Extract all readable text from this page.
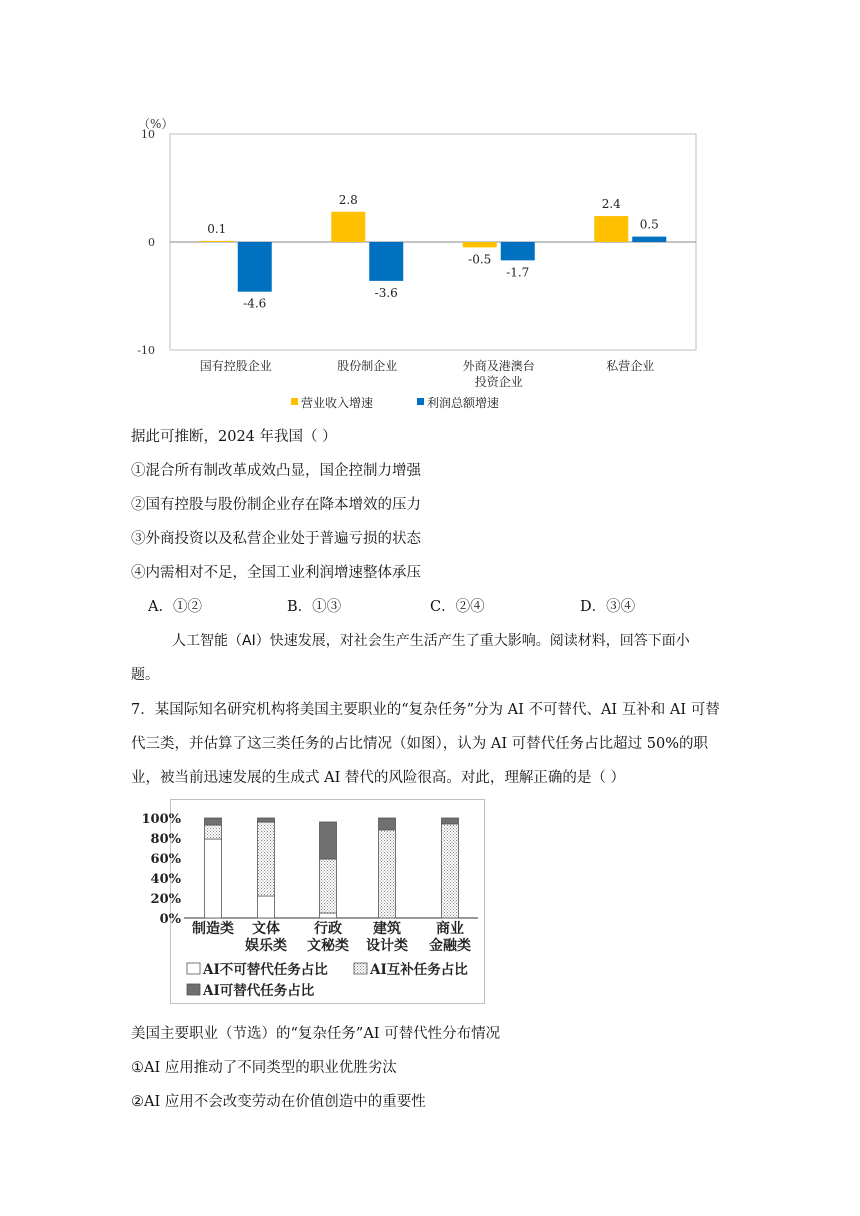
（%）
10
0
-10
0.1
-4.6
2.8
-3.6
-0.5
-1.7
2.4
0.5
国有控股企业	股份制企业	外商及港澳台
投资企业
私营企业
营业收入增速	利润总额增速
据此可推断，2024 年我国（ ）
①混合所有制改革成效凸显，国企控制力增强
②国有控股与股份制企业存在降本增效的压力
③外商投资以及私营企业处于普遍亏损的状态
④内需相对不足，全国工业利润增速整体承压
A．①②	B．①③	C．②④	D．③④
人工智能（AI）快速发展，对社会生产生活产生了重大影响。阅读材料，回答下面小
题。
7．某国际知名研究机构将美国主要职业的“复杂任务”分为 AI 不可替代、AI 互补和 AI 可替
代三类，并估算了这三类任务的占比情况（如图），认为 AI 可替代任务占比超过 50%的职
业，被当前迅速发展的生成式 AI 替代的风险很高。对此，理解正确的是（ ）
100%
80%
60%
40%
20%
0%
制造类 文体
娱乐类
行政
文秘类
建筑
设计类
商业
金融类
AI不可替代任务占比	AI互补任务占比
AI可替代任务占比
美国主要职业（节选）的“复杂任务”AI 可替代性分布情况
①AI 应用推动了不同类型的职业优胜劣汰
②AI 应用不会改变劳动在价值创造中的重要性
